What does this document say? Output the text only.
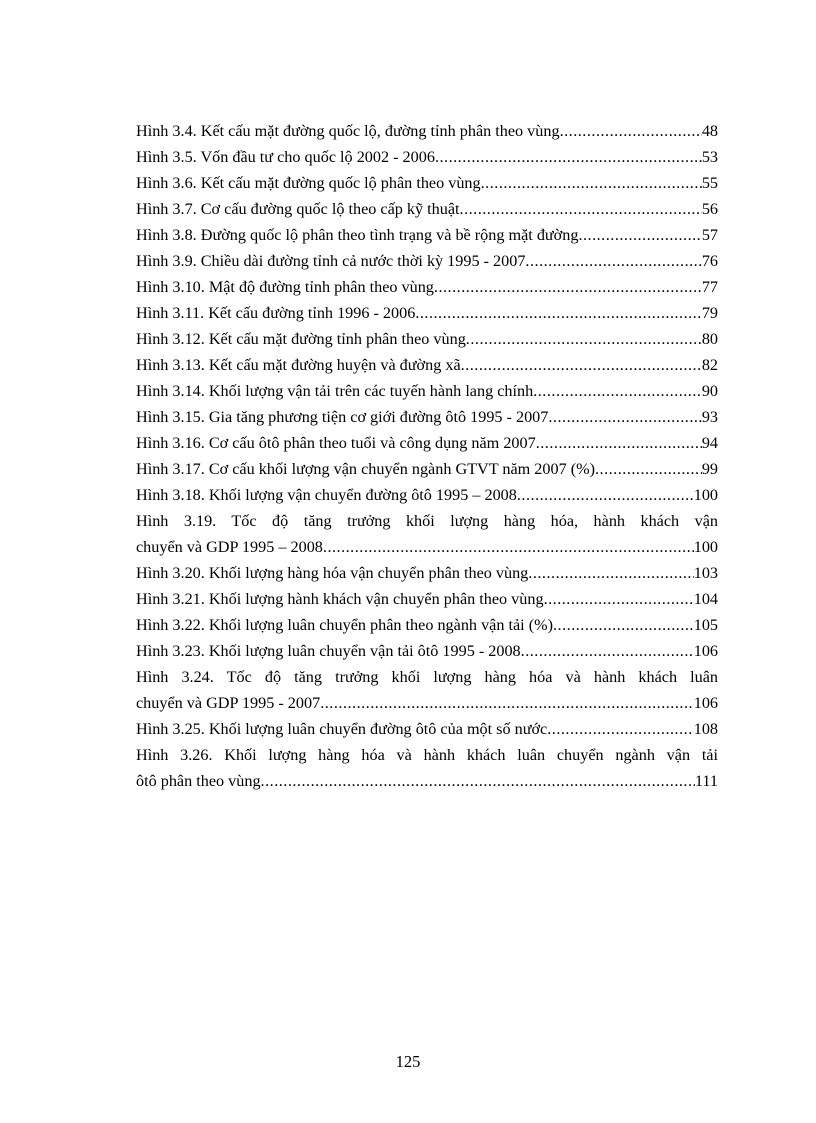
Hình 3.4. Kết cấu mặt đường quốc lộ, đường tỉnh phân theo vùng .....	48
Hình 3.5. Vốn đầu tư cho quốc lộ 2002 - 2006 .....	53
Hình 3.6. Kết cấu mặt đường quốc lộ phân theo vùng .....	55
Hình 3.7. Cơ cấu đường quốc lộ theo cấp kỹ thuật .....	56
Hình 3.8. Đường quốc lộ phân theo tình trạng và bề rộng mặt đường .....	57
Hình 3.9. Chiều dài đường tỉnh cả nước thời kỳ 1995 - 2007 .....	76
Hình 3.10. Mật độ đường tỉnh phân theo vùng .....	77
Hình 3.11. Kết cấu đường tỉnh 1996 - 2006 .....	79
Hình 3.12. Kết cấu mặt đường tỉnh phân theo vùng .....	80
Hình 3.13. Kết cấu mặt đường huyện và đường xã .....	82
Hình 3.14. Khối lượng vận tải trên các tuyến hành lang chính .....	90
Hình 3.15. Gia tăng phương tiện cơ giới đường ôtô 1995 - 2007 .....	93
Hình 3.16. Cơ cấu ôtô phân theo tuổi và công dụng năm 2007 .....	94
Hình 3.17. Cơ cấu khối lượng vận chuyển ngành GTVT năm 2007 (%) .....	99
Hình 3.18. Khối lượng vận chuyển đường ôtô 1995 – 2008 .....	100
Hình 3.19. Tốc độ tăng trưởng khối lượng hàng hóa, hành khách vận
chuyển và GDP 1995 – 2008 .....	100
Hình 3.20. Khối lượng hàng hóa vận chuyển phân theo vùng .....	103
Hình 3.21. Khối lượng hành khách vận chuyển phân theo vùng .....	104
Hình 3.22. Khối lượng luân chuyển phân theo ngành vận tải (%) .....	105
Hình 3.23. Khối lượng luân chuyển vận tải ôtô 1995 - 2008 .....	106
Hình 3.24. Tốc độ tăng trưởng khối lượng hàng hóa và hành khách luân
chuyển và GDP 1995 - 2007 .....	106
Hình 3.25. Khối lượng luân chuyển đường ôtô của một số nước .....	108
Hình 3.26. Khối lượng hàng hóa và hành khách luân chuyển ngành vận tải
ôtô phân theo vùng .....	111
125
